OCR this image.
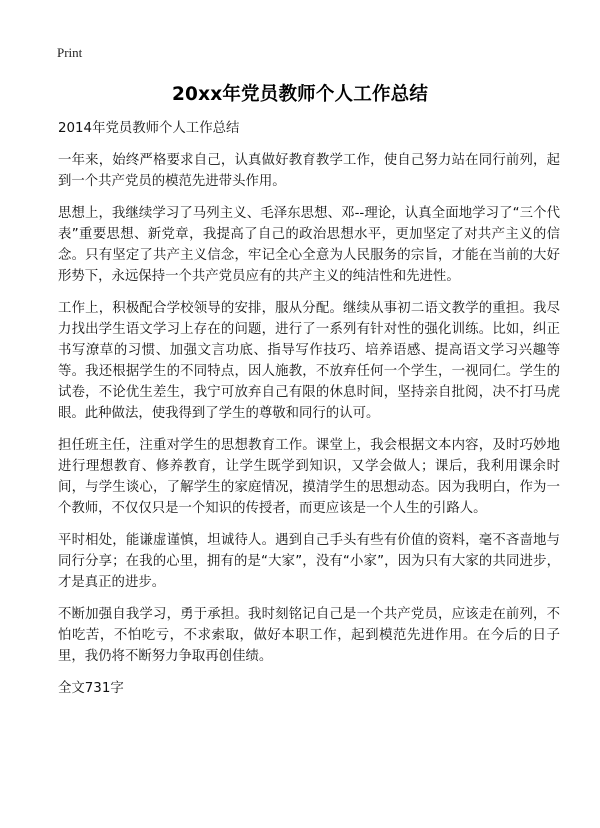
Print
20xx年党员教师个人工作总结

2014年党员教师个人工作总结

一年来，始终严格要求自己，认真做好教育教学工作，使自己努力站在同行前列，起到一个共产党员的模范先进带头作用。

思想上，我继续学习了马列主义、毛泽东思想、邓--理论，认真全面地学习了“三个代表”重要思想、新党章，我提高了自己的政治思想水平，更加坚定了对共产主义的信念。只有坚定了共产主义信念，牢记全心全意为人民服务的宗旨，才能在当前的大好形势下，永远保持一个共产党员应有的共产主义的纯洁性和先进性。

工作上，积极配合学校领导的安排，服从分配。继续从事初二语文教学的重担。我尽力找出学生语文学习上存在的问题，进行了一系列有针对性的强化训练。比如，纠正书写潦草的习惯、加强文言功底、指导写作技巧、培养语感、提高语文学习兴趣等等。我还根据学生的不同特点，因人施教，不放弃任何一个学生，一视同仁。学生的试卷，不论优生差生，我宁可放弃自己有限的休息时间，坚持亲自批阅，决不打马虎眼。此种做法，使我得到了学生的尊敬和同行的认可。

担任班主任，注重对学生的思想教育工作。课堂上，我会根据文本内容，及时巧妙地进行理想教育、修养教育，让学生既学到知识，又学会做人；课后，我利用课余时间，与学生谈心，了解学生的家庭情况，摸清学生的思想动态。因为我明白，作为一个教师，不仅仅只是一个知识的传授者，而更应该是一个人生的引路人。

平时相处，能谦虚谨慎，坦诚待人。遇到自己手头有些有价值的资料，毫不吝啬地与同行分享；在我的心里，拥有的是“大家”，没有“小家”，因为只有大家的共同进步，才是真正的进步。

不断加强自我学习，勇于承担。我时刻铭记自己是一个共产党员，应该走在前列，不怕吃苦，不怕吃亏，不求索取，做好本职工作，起到模范先进作用。在今后的日子里，我仍将不断努力争取再创佳绩。

全文731字
